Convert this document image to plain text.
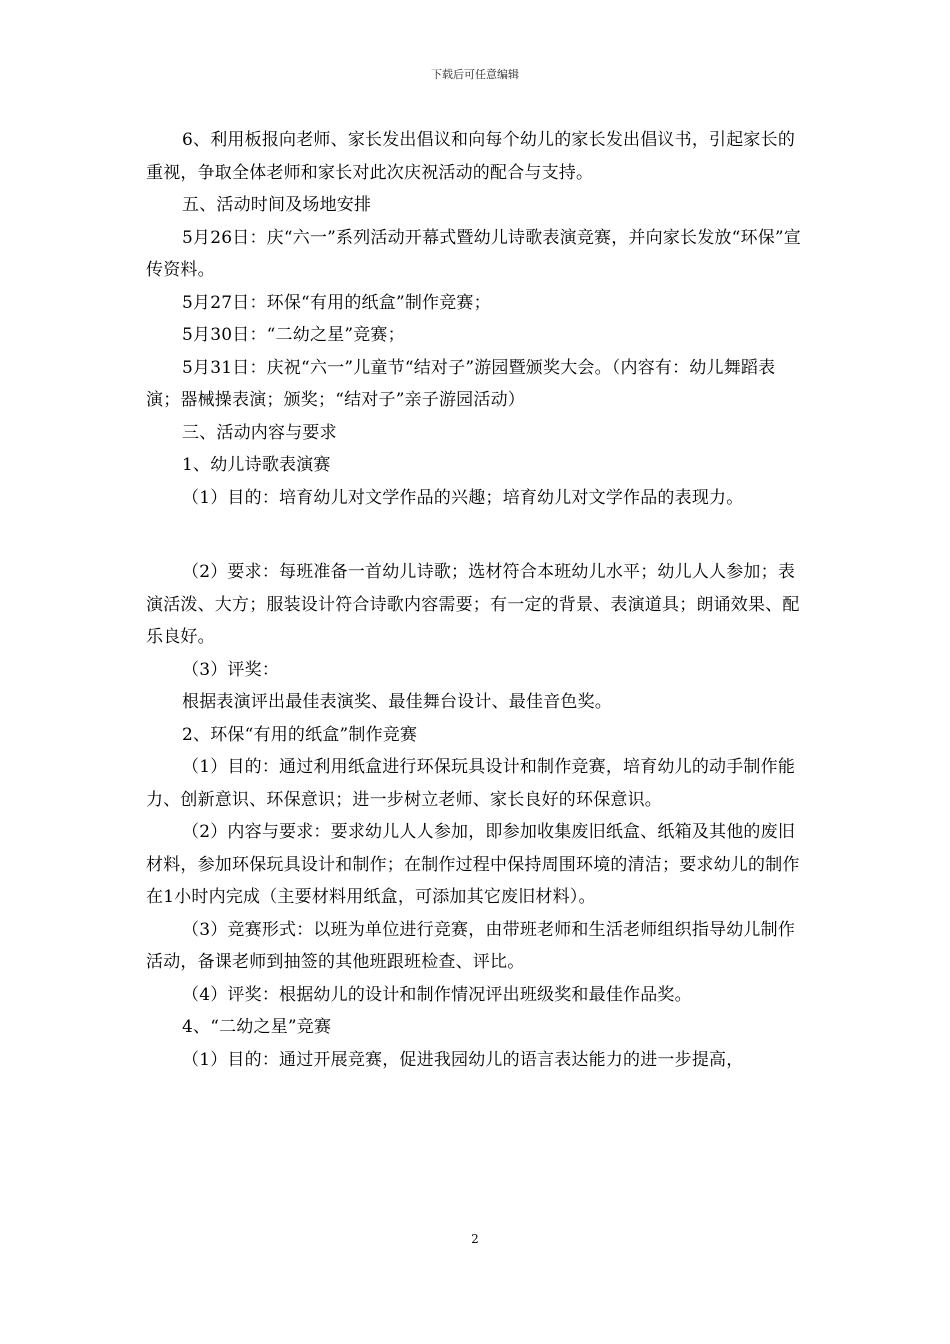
下载后可任意编辑

6、利用板报向老师、家长发出倡议和向每个幼儿的家长发出倡议书，引起家长的重视，争取全体老师和家长对此次庆祝活动的配合与支持。

五、活动时间及场地安排

5月26日：庆“六一”系列活动开幕式暨幼儿诗歌表演竞赛，并向家长发放“环保”宣传资料。

5月27日：环保“有用的纸盒”制作竞赛；

5月30日：“二幼之星”竞赛；

5月31日：庆祝“六一”儿童节“结对子”游园暨颁奖大会。（内容有：幼儿舞蹈表演；器械操表演；颁奖；“结对子”亲子游园活动）

三、活动内容与要求

1、幼儿诗歌表演赛

（1）目的：培育幼儿对文学作品的兴趣；培育幼儿对文学作品的表现力。

（2）要求：每班准备一首幼儿诗歌；选材符合本班幼儿水平；幼儿人人参加；表演活泼、大方；服装设计符合诗歌内容需要；有一定的背景、表演道具；朗诵效果、配乐良好。

（3）评奖：

根据表演评出最佳表演奖、最佳舞台设计、最佳音色奖。

2、环保“有用的纸盒”制作竞赛

（1）目的：通过利用纸盒进行环保玩具设计和制作竞赛，培育幼儿的动手制作能力、创新意识、环保意识；进一步树立老师、家长良好的环保意识。

（2）内容与要求：要求幼儿人人参加，即参加收集废旧纸盒、纸箱及其他的废旧材料，参加环保玩具设计和制作；在制作过程中保持周围环境的清洁；要求幼儿的制作在1小时内完成（主要材料用纸盒，可添加其它废旧材料）。

（3）竞赛形式：以班为单位进行竞赛，由带班老师和生活老师组织指导幼儿制作活动，备课老师到抽签的其他班跟班检查、评比。

（4）评奖：根据幼儿的设计和制作情况评出班级奖和最佳作品奖。

4、“二幼之星”竞赛

（1）目的：通过开展竞赛，促进我园幼儿的语言表达能力的进一步提高，

2
